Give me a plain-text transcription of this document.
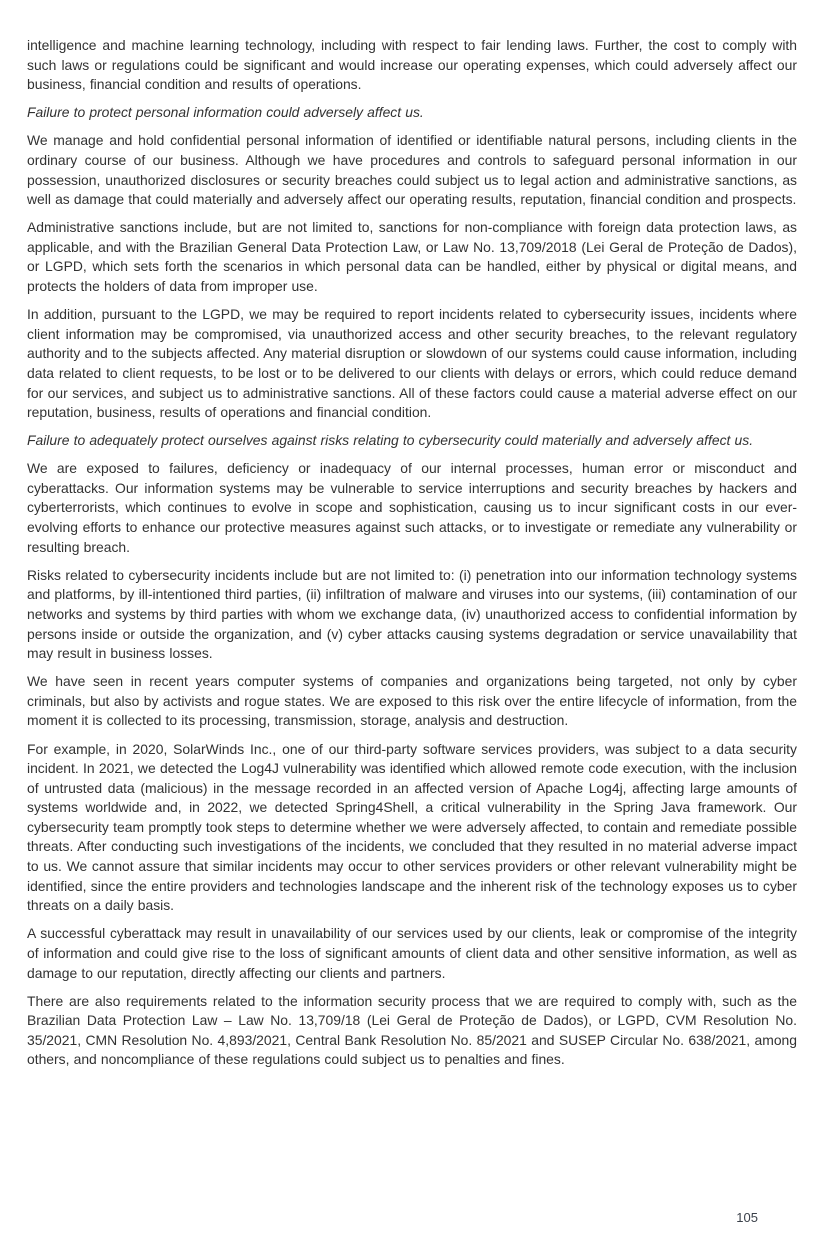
intelligence and machine learning technology, including with respect to fair lending laws. Further, the cost to comply with such laws or regulations could be significant and would increase our operating expenses, which could adversely affect our business, financial condition and results of operations.

Failure to protect personal information could adversely affect us.

We manage and hold confidential personal information of identified or identifiable natural persons, including clients in the ordinary course of our business. Although we have procedures and controls to safeguard personal information in our possession, unauthorized disclosures or security breaches could subject us to legal action and administrative sanctions, as well as damage that could materially and adversely affect our operating results, reputation, financial condition and prospects.

Administrative sanctions include, but are not limited to, sanctions for non-compliance with foreign data protection laws, as applicable, and with the Brazilian General Data Protection Law, or Law No. 13,709/2018 (Lei Geral de Proteção de Dados), or LGPD, which sets forth the scenarios in which personal data can be handled, either by physical or digital means, and protects the holders of data from improper use.

In addition, pursuant to the LGPD, we may be required to report incidents related to cybersecurity issues, incidents where client information may be compromised, via unauthorized access and other security breaches, to the relevant regulatory authority and to the subjects affected. Any material disruption or slowdown of our systems could cause information, including data related to client requests, to be lost or to be delivered to our clients with delays or errors, which could reduce demand for our services, and subject us to administrative sanctions. All of these factors could cause a material adverse effect on our reputation, business, results of operations and financial condition.

Failure to adequately protect ourselves against risks relating to cybersecurity could materially and adversely affect us.

We are exposed to failures, deficiency or inadequacy of our internal processes, human error or misconduct and cyberattacks. Our information systems may be vulnerable to service interruptions and security breaches by hackers and cyberterrorists, which continues to evolve in scope and sophistication, causing us to incur significant costs in our ever-evolving efforts to enhance our protective measures against such attacks, or to investigate or remediate any vulnerability or resulting breach.

Risks related to cybersecurity incidents include but are not limited to: (i) penetration into our information technology systems and platforms, by ill-intentioned third parties, (ii) infiltration of malware and viruses into our systems, (iii) contamination of our networks and systems by third parties with whom we exchange data, (iv) unauthorized access to confidential information by persons inside or outside the organization, and (v) cyber attacks causing systems degradation or service unavailability that may result in business losses.

We have seen in recent years computer systems of companies and organizations being targeted, not only by cyber criminals, but also by activists and rogue states. We are exposed to this risk over the entire lifecycle of information, from the moment it is collected to its processing, transmission, storage, analysis and destruction.

For example, in 2020, SolarWinds Inc., one of our third-party software services providers, was subject to a data security incident. In 2021, we detected the Log4J vulnerability was identified which allowed remote code execution, with the inclusion of untrusted data (malicious) in the message recorded in an affected version of Apache Log4j, affecting large amounts of systems worldwide and, in 2022, we detected Spring4Shell, a critical vulnerability in the Spring Java framework. Our cybersecurity team promptly took steps to determine whether we were adversely affected, to contain and remediate possible threats. After conducting such investigations of the incidents, we concluded that they resulted in no material adverse impact to us. We cannot assure that similar incidents may occur to other services providers or other relevant vulnerability might be identified, since the entire providers and technologies landscape and the inherent risk of the technology exposes us to cyber threats on a daily basis.

A successful cyberattack may result in unavailability of our services used by our clients, leak or compromise of the integrity of information and could give rise to the loss of significant amounts of client data and other sensitive information, as well as damage to our reputation, directly affecting our clients and partners.

There are also requirements related to the information security process that we are required to comply with, such as the Brazilian Data Protection Law – Law No. 13,709/18 (Lei Geral de Proteção de Dados), or LGPD, CVM Resolution No. 35/2021, CMN Resolution No. 4,893/2021, Central Bank Resolution No. 85/2021 and SUSEP Circular No. 638/2021, among others, and noncompliance of these regulations could subject us to penalties and fines.

105
